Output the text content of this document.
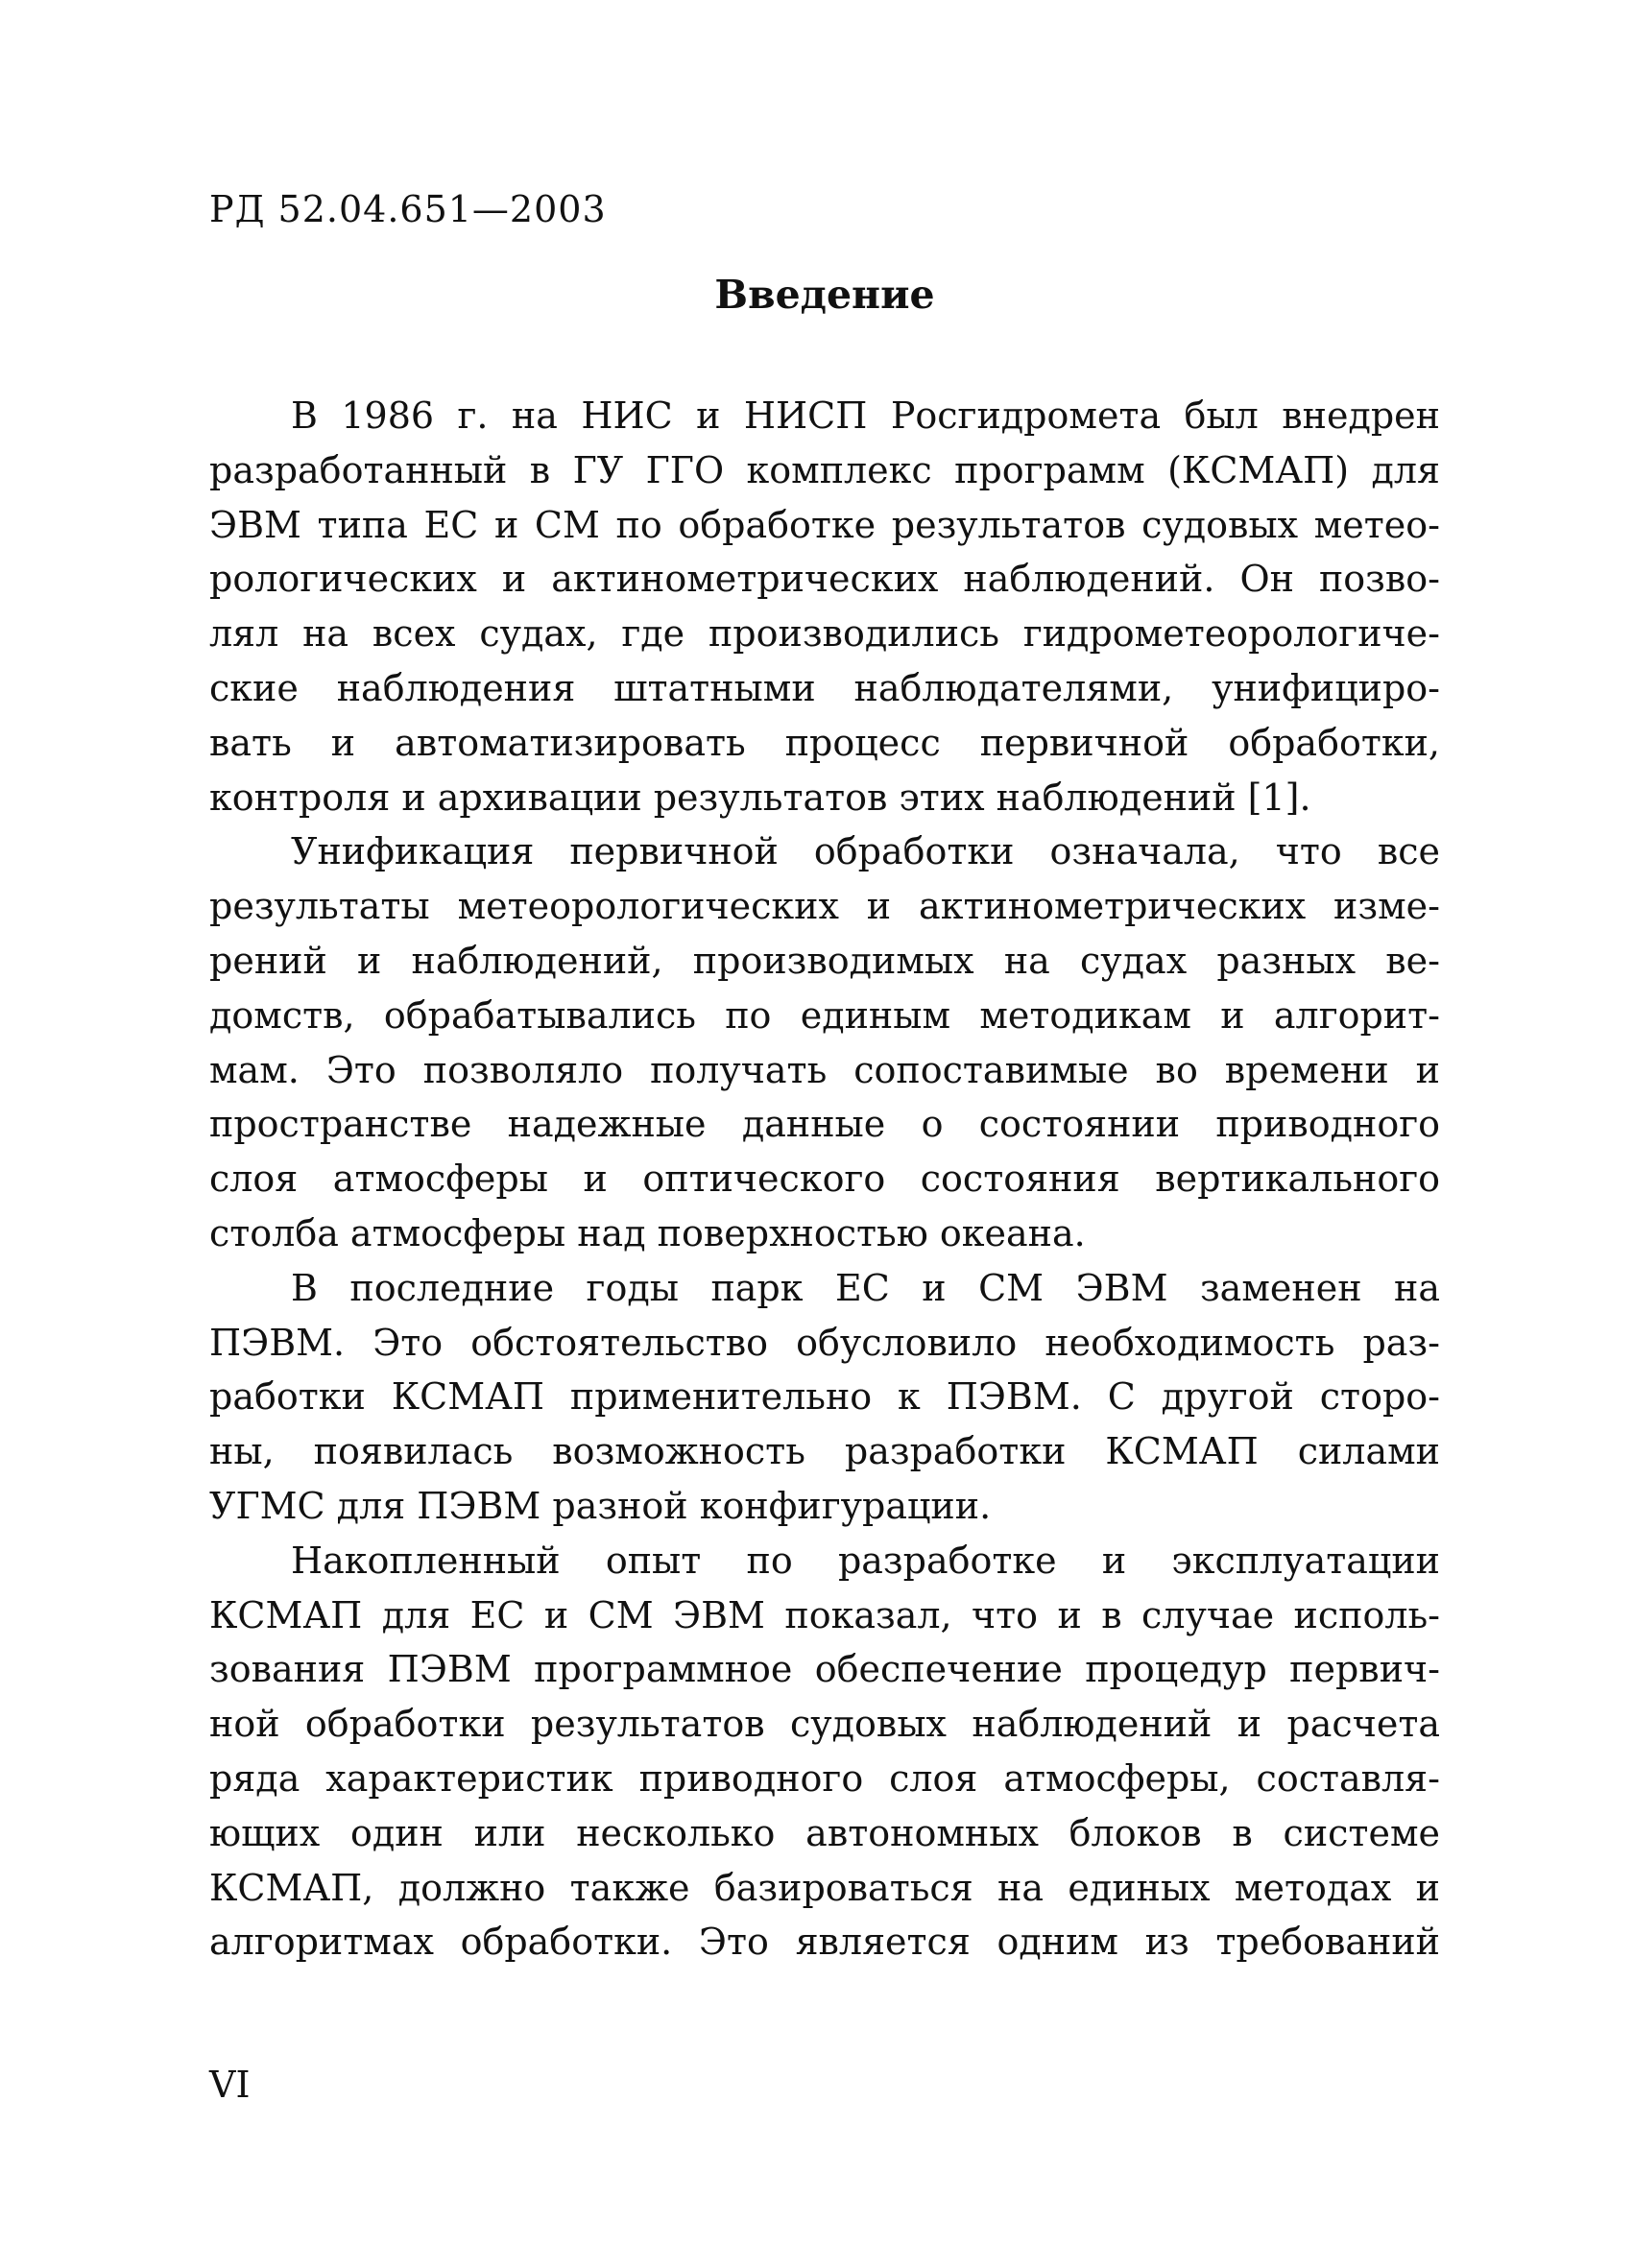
РД 52.04.651—2003
Введение
В 1986 г. на НИС и НИСП Росгидромета был внедрен
разработанный в ГУ ГГО комплекс программ (КСМАП) для
ЭВМ типа ЕС и СМ по обработке результатов судовых метео-
рологических и актинометрических наблюдений. Он позво-
лял на всех судах, где производились гидрометеорологиче-
ские наблюдения штатными наблюдателями, унифициро-
вать и автоматизировать процесс первичной обработки,
контроля и архивации результатов этих наблюдений [1].
Унификация первичной обработки означала, что все
результаты метеорологических и актинометрических изме-
рений и наблюдений, производимых на судах разных ве-
домств, обрабатывались по единым методикам и алгорит-
мам. Это позволяло получать сопоставимые во времени и
пространстве надежные данные о состоянии приводного
слоя атмосферы и оптического состояния вертикального
столба атмосферы над поверхностью океана.
В последние годы парк ЕС и СМ ЭВМ заменен на
ПЭВМ. Это обстоятельство обусловило необходимость раз-
работки КСМАП применительно к ПЭВМ. С другой сторо-
ны, появилась возможность разработки КСМАП силами
УГМС для ПЭВМ разной конфигурации.
Накопленный опыт по разработке и эксплуатации
КСМАП для ЕС и СМ ЭВМ показал, что и в случае исполь-
зования ПЭВМ программное обеспечение процедур первич-
ной обработки результатов судовых наблюдений и расчета
ряда характеристик приводного слоя атмосферы, составля-
ющих один или несколько автономных блоков в системе
КСМАП, должно также базироваться на единых методах и
алгоритмах обработки. Это является одним из требований
VI
